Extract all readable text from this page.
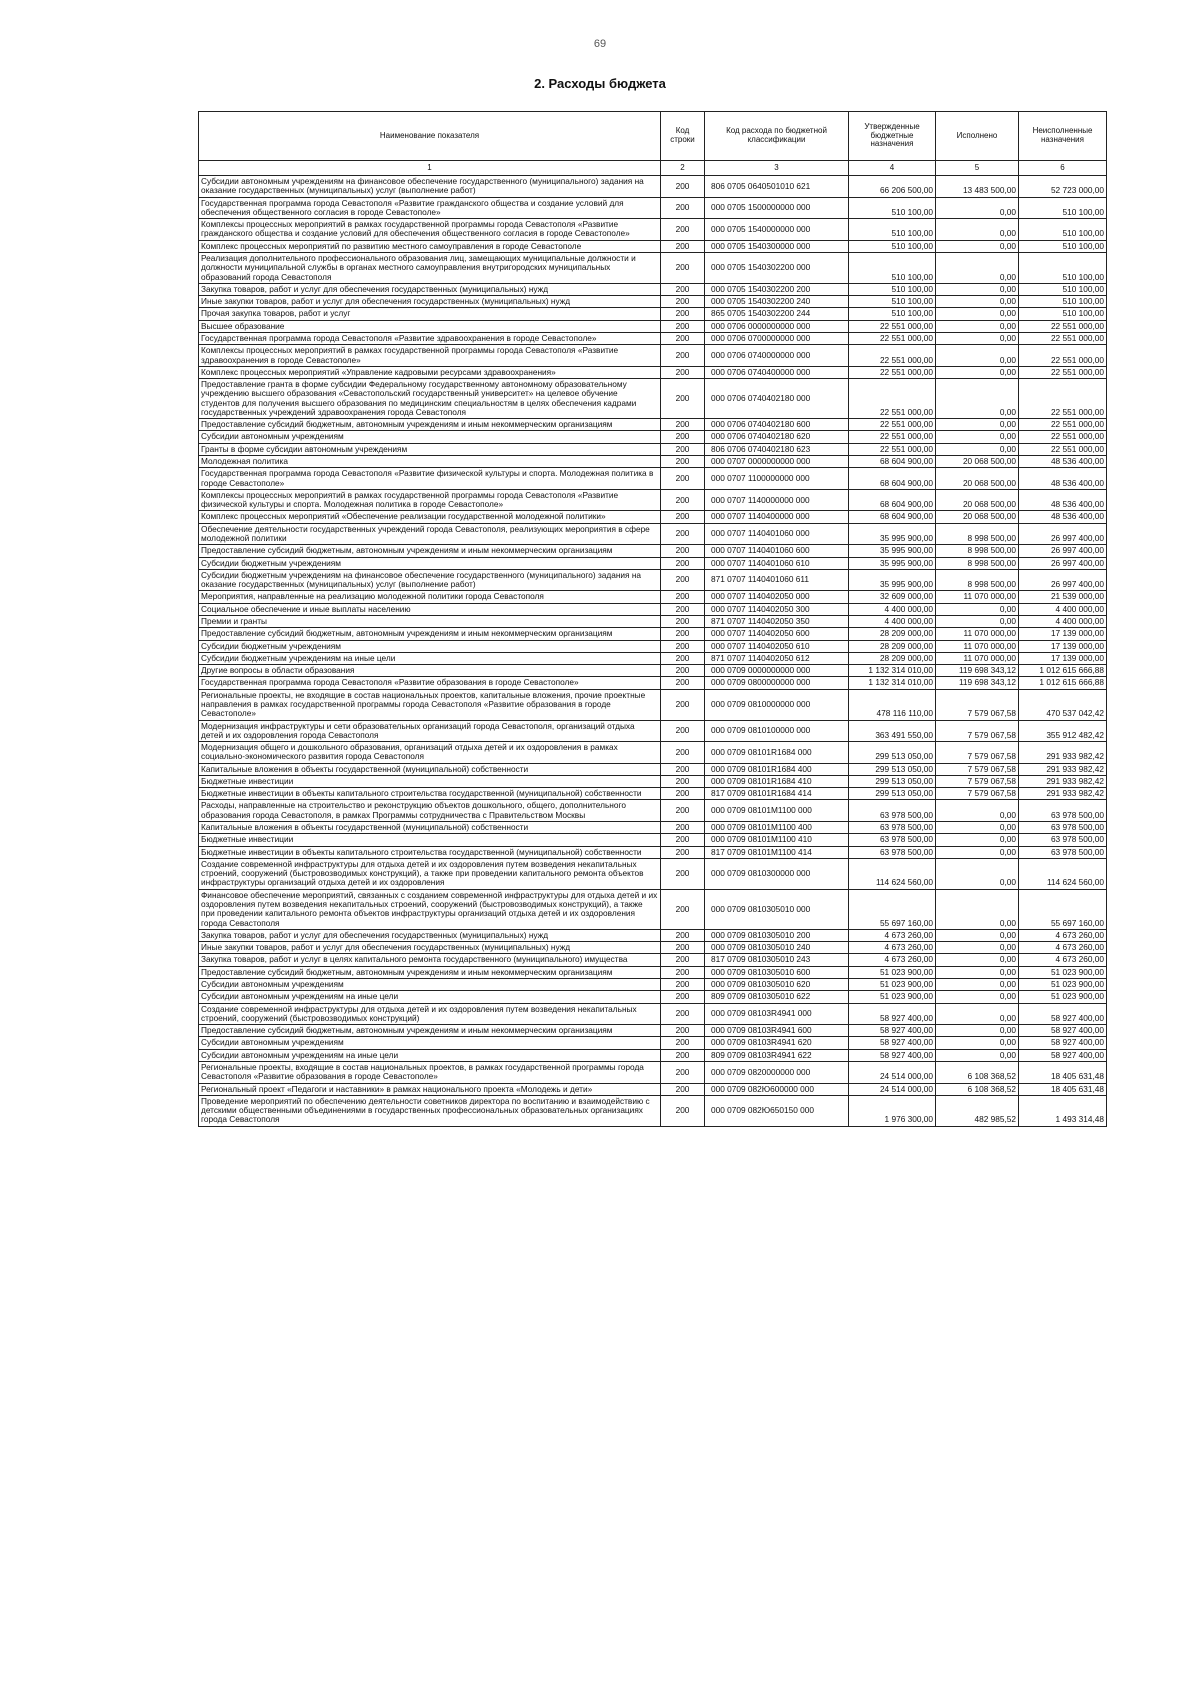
69
2. Расходы бюджета
Наименование показателя	Код строки	Код расхода по бюджетной классификации	Утвержденные бюджетные назначения	Исполнено	Неисполненные назначения
1	2	3	4	5	6
Субсидии автономным учреждениям на финансовое обеспечение государственного (муниципального) задания на оказание государственных (муниципальных) услуг (выполнение работ)	200	806 0705 0640501010 621	66 206 500,00	13 483 500,00	52 723 000,00
Государственная программа города Севастополя «Развитие гражданского общества и создание условий для обеспечения общественного согласия в городе Севастополе»	200	000 0705 1500000000 000	510 100,00	0,00	510 100,00
Комплексы процессных мероприятий в рамках государственной программы города Севастополя «Развитие гражданского общества и создание условий для обеспечения общественного согласия в городе Севастополе»	200	000 0705 1540000000 000	510 100,00	0,00	510 100,00
Комплекс процессных мероприятий по развитию местного самоуправления в городе Севастополе	200	000 0705 1540300000 000	510 100,00	0,00	510 100,00
Реализация дополнительного профессионального образования лиц, замещающих муниципальные должности и должности муниципальной службы в органах местного самоуправления внутригородских муниципальных образований города Севастополя	200	000 0705 1540302200 000	510 100,00	0,00	510 100,00
Закупка товаров, работ и услуг для обеспечения государственных (муниципальных) нужд	200	000 0705 1540302200 200	510 100,00	0,00	510 100,00
Иные закупки товаров, работ и услуг для обеспечения государственных (муниципальных) нужд	200	000 0705 1540302200 240	510 100,00	0,00	510 100,00
Прочая закупка товаров, работ и услуг	200	865 0705 1540302200 244	510 100,00	0,00	510 100,00
Высшее образование	200	000 0706 0000000000 000	22 551 000,00	0,00	22 551 000,00
Государственная программа города Севастополя «Развитие здравоохранения в городе Севастополе»	200	000 0706 0700000000 000	22 551 000,00	0,00	22 551 000,00
Комплексы процессных мероприятий в рамках государственной программы города Севастополя «Развитие здравоохранения в городе Севастополе»	200	000 0706 0740000000 000	22 551 000,00	0,00	22 551 000,00
Комплекс процессных мероприятий «Управление кадровыми ресурсами здравоохранения»	200	000 0706 0740400000 000	22 551 000,00	0,00	22 551 000,00
Предоставление гранта в форме субсидии Федеральному государственному автономному образовательному учреждению высшего образования «Севастопольский государственный университет» на целевое обучение студентов для получения высшего образования по медицинским специальностям в целях обеспечения кадрами государственных учреждений здравоохранения города Севастополя	200	000 0706 0740402180 000	22 551 000,00	0,00	22 551 000,00
Предоставление субсидий бюджетным, автономным учреждениям и иным некоммерческим организациям	200	000 0706 0740402180 600	22 551 000,00	0,00	22 551 000,00
Субсидии автономным учреждениям	200	000 0706 0740402180 620	22 551 000,00	0,00	22 551 000,00
Гранты в форме субсидии автономным учреждениям	200	806 0706 0740402180 623	22 551 000,00	0,00	22 551 000,00
Молодежная политика	200	000 0707 0000000000 000	68 604 900,00	20 068 500,00	48 536 400,00
Государственная программа города Севастополя «Развитие физической культуры и спорта. Молодежная политика в городе Севастополе»	200	000 0707 1100000000 000	68 604 900,00	20 068 500,00	48 536 400,00
Комплексы процессных мероприятий в рамках государственной программы города Севастополя «Развитие физической культуры и спорта. Молодежная политика в городе Севастополе»	200	000 0707 1140000000 000	68 604 900,00	20 068 500,00	48 536 400,00
Комплекс процессных мероприятий «Обеспечение реализации государственной молодежной политики»	200	000 0707 1140400000 000	68 604 900,00	20 068 500,00	48 536 400,00
Обеспечение деятельности государственных учреждений города Севастополя, реализующих мероприятия в сфере молодежной политики	200	000 0707 1140401060 000	35 995 900,00	8 998 500,00	26 997 400,00
Предоставление субсидий бюджетным, автономным учреждениям и иным некоммерческим организациям	200	000 0707 1140401060 600	35 995 900,00	8 998 500,00	26 997 400,00
Субсидии бюджетным учреждениям	200	000 0707 1140401060 610	35 995 900,00	8 998 500,00	26 997 400,00
Субсидии бюджетным учреждениям на финансовое обеспечение государственного (муниципального) задания на оказание государственных (муниципальных) услуг (выполнение работ)	200	871 0707 1140401060 611	35 995 900,00	8 998 500,00	26 997 400,00
Мероприятия, направленные на реализацию молодежной политики города Севастополя	200	000 0707 1140402050 000	32 609 000,00	11 070 000,00	21 539 000,00
Социальное обеспечение и иные выплаты населению	200	000 0707 1140402050 300	4 400 000,00	0,00	4 400 000,00
Премии и гранты	200	871 0707 1140402050 350	4 400 000,00	0,00	4 400 000,00
Предоставление субсидий бюджетным, автономным учреждениям и иным некоммерческим организациям	200	000 0707 1140402050 600	28 209 000,00	11 070 000,00	17 139 000,00
Субсидии бюджетным учреждениям	200	000 0707 1140402050 610	28 209 000,00	11 070 000,00	17 139 000,00
Субсидии бюджетным учреждениям на иные цели	200	871 0707 1140402050 612	28 209 000,00	11 070 000,00	17 139 000,00
Другие вопросы в области образования	200	000 0709 0000000000 000	1 132 314 010,00	119 698 343,12	1 012 615 666,88
Государственная программа города Севастополя «Развитие образования в городе Севастополе»	200	000 0709 0800000000 000	1 132 314 010,00	119 698 343,12	1 012 615 666,88
Региональные проекты, не входящие в состав национальных проектов, капитальные вложения, прочие проектные направления в рамках государственной программы города Севастополя «Развитие образования в городе Севастополе»	200	000 0709 0810000000 000	478 116 110,00	7 579 067,58	470 537 042,42
Модернизация инфраструктуры и сети образовательных организаций города Севастополя, организаций отдыха детей и их оздоровления города Севастополя	200	000 0709 0810100000 000	363 491 550,00	7 579 067,58	355 912 482,42
Модернизация общего и дошкольного образования, организаций отдыха детей и их оздоровления в рамках социально-экономического развития города Севастополя	200	000 0709 08101R1684 000	299 513 050,00	7 579 067,58	291 933 982,42
Капитальные вложения в объекты государственной (муниципальной) собственности	200	000 0709 08101R1684 400	299 513 050,00	7 579 067,58	291 933 982,42
Бюджетные инвестиции	200	000 0709 08101R1684 410	299 513 050,00	7 579 067,58	291 933 982,42
Бюджетные инвестиции в объекты капитального строительства государственной (муниципальной) собственности	200	817 0709 08101R1684 414	299 513 050,00	7 579 067,58	291 933 982,42
Расходы, направленные на строительство и реконструкцию объектов дошкольного, общего, дополнительного образования города Севастополя, в рамках Программы сотрудничества с Правительством Москвы	200	000 0709 08101M1100 000	63 978 500,00	0,00	63 978 500,00
Капитальные вложения в объекты государственной (муниципальной) собственности	200	000 0709 08101M1100 400	63 978 500,00	0,00	63 978 500,00
Бюджетные инвестиции	200	000 0709 08101M1100 410	63 978 500,00	0,00	63 978 500,00
Бюджетные инвестиции в объекты капитального строительства государственной (муниципальной) собственности	200	817 0709 08101M1100 414	63 978 500,00	0,00	63 978 500,00
Создание современной инфраструктуры для отдыха детей и их оздоровления путем возведения некапитальных строений, сооружений (быстровозводимых конструкций), а также при проведении капитального ремонта объектов инфраструктуры организаций отдыха детей и их оздоровления	200	000 0709 0810300000 000	114 624 560,00	0,00	114 624 560,00
Финансовое обеспечение мероприятий, связанных с созданием современной инфраструктуры для отдыха детей и их оздоровления путем возведения некапитальных строений, сооружений (быстровозводимых конструкций), а также при проведении капитального ремонта объектов инфраструктуры организаций отдыха детей и их оздоровления города Севастополя	200	000 0709 0810305010 000	55 697 160,00	0,00	55 697 160,00
Закупка товаров, работ и услуг для обеспечения государственных (муниципальных) нужд	200	000 0709 0810305010 200	4 673 260,00	0,00	4 673 260,00
Иные закупки товаров, работ и услуг для обеспечения государственных (муниципальных) нужд	200	000 0709 0810305010 240	4 673 260,00	0,00	4 673 260,00
Закупка товаров, работ и услуг в целях капитального ремонта государственного (муниципального) имущества	200	817 0709 0810305010 243	4 673 260,00	0,00	4 673 260,00
Предоставление субсидий бюджетным, автономным учреждениям и иным некоммерческим организациям	200	000 0709 0810305010 600	51 023 900,00	0,00	51 023 900,00
Субсидии автономным учреждениям	200	000 0709 0810305010 620	51 023 900,00	0,00	51 023 900,00
Субсидии автономным учреждениям на иные цели	200	809 0709 0810305010 622	51 023 900,00	0,00	51 023 900,00
Создание современной инфраструктуры для отдыха детей и их оздоровления путем возведения некапитальных строений, сооружений (быстровозводимых конструкций)	200	000 0709 08103R4941 000	58 927 400,00	0,00	58 927 400,00
Предоставление субсидий бюджетным, автономным учреждениям и иным некоммерческим организациям	200	000 0709 08103R4941 600	58 927 400,00	0,00	58 927 400,00
Субсидии автономным учреждениям	200	000 0709 08103R4941 620	58 927 400,00	0,00	58 927 400,00
Субсидии автономным учреждениям на иные цели	200	809 0709 08103R4941 622	58 927 400,00	0,00	58 927 400,00
Региональные проекты, входящие в состав национальных проектов, в рамках государственной программы города Севастополя «Развитие образования в городе Севастополе»	200	000 0709 0820000000 000	24 514 000,00	6 108 368,52	18 405 631,48
Региональный проект «Педагоги и наставники» в рамках национального проекта «Молодежь и дети»	200	000 0709 082Ю600000 000	24 514 000,00	6 108 368,52	18 405 631,48
Проведение мероприятий по обеспечению деятельности советников директора по воспитанию и взаимодействию с детскими общественными объединениями в государственных профессиональных образовательных организациях города Севастополя	200	000 0709 082Ю650150 000	1 976 300,00	482 985,52	1 493 314,48
